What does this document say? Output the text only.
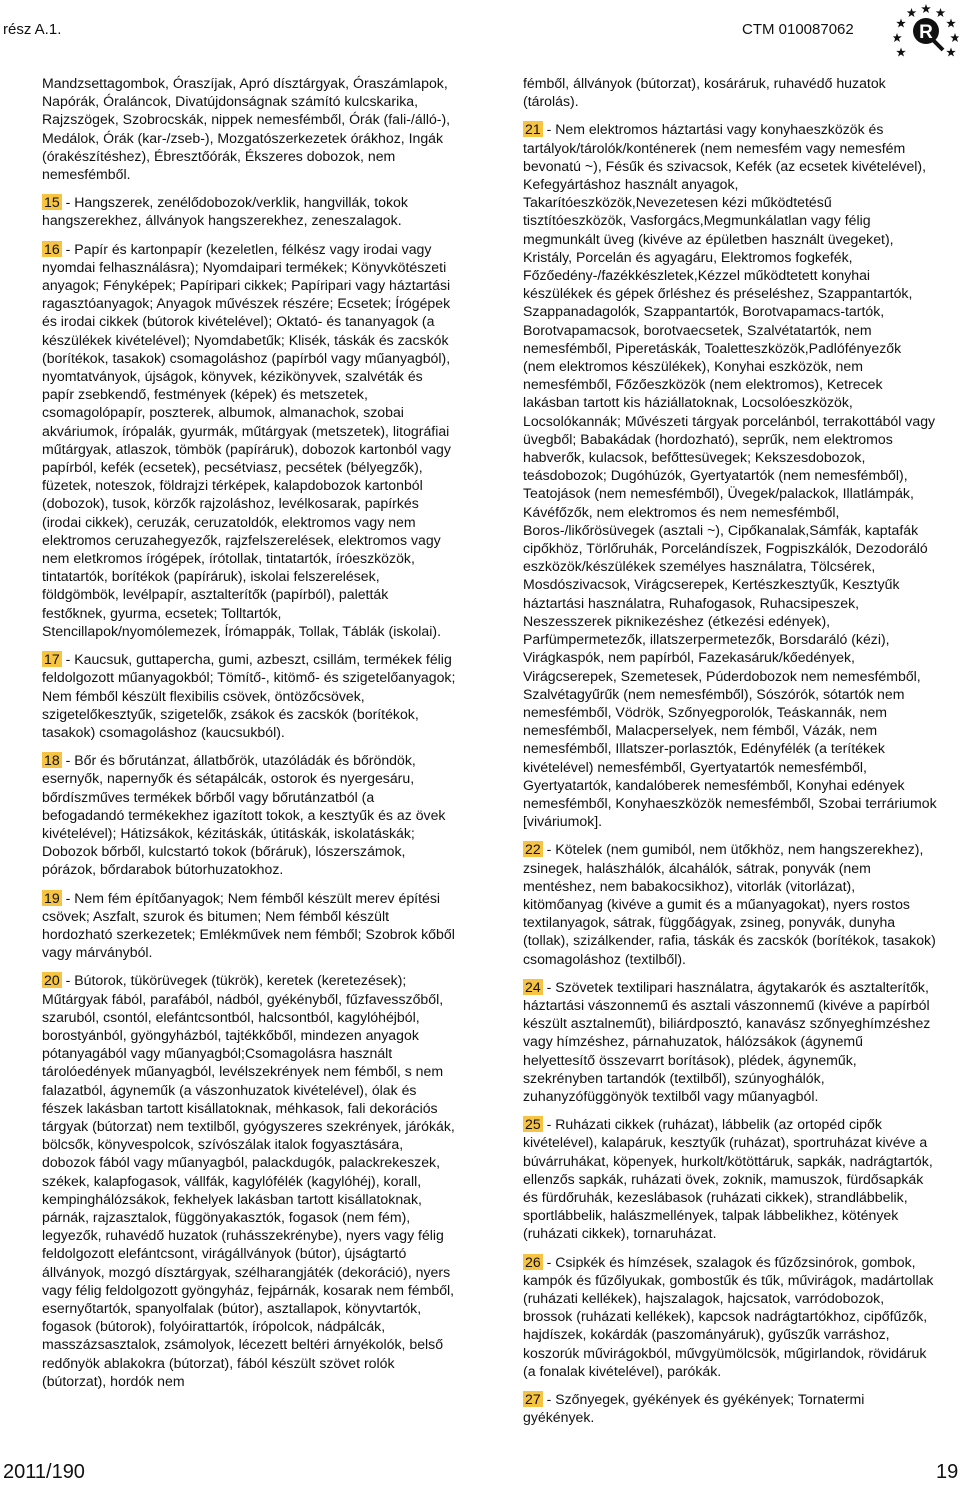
rész A.1.	CTM 010087062	R

Mandzsettagombok, Óraszíjak, Apró dísztárgyak, Óraszámlapok, Napórák, Óraláncok, Divatújdonságnak számító kulcskarika, Rajzszögek, Szobrocskák, nippek nemesfémből, Órák (fali-/álló-), Medálok, Órák (kar-/zseb-), Mozgatószerkezetek órákhoz, Ingák (órakészítéshez), Ébresztőórák, Ékszeres dobozok, nem nemesfémből.

15 - Hangszerek, zenélődobozok/verklik, hangvillák, tokok hangszerekhez, állványok hangszerekhez, zeneszalagok.

16 - Papír és kartonpapír (kezeletlen, félkész vagy irodai vagy nyomdai felhasználásra); Nyomdaipari termékek; Könyvkötészeti anyagok; Fényképek; Papíripari cikkek; Papíripari vagy háztartási ragasztóanyagok; Anyagok művészek részére; Ecsetek; Írógépek és irodai cikkek (bútorok kivételével); Oktató- és tananyagok (a készülékek kivételével); Nyomdabetűk; Klisék, táskák és zacskók (borítékok, tasakok) csomagoláshoz (papírból vagy műanyagból), nyomtatványok, újságok, könyvek, kézikönyvek, szalvéták és papír zsebkendő, festmények (képek) és metszetek, csomagolópapír, poszterek, albumok, almanachok, szobai akváriumok, írópalák, gyurmák, műtárgyak (metszetek), litográfiai műtárgyak, atlaszok, tömbök (papíráruk), dobozok kartonból vagy papírból, kefék (ecsetek), pecsétviasz, pecsétek (bélyegzők), füzetek, noteszok, földrajzi térképek, kalapdobozok kartonból (dobozok), tusok, körzők rajzoláshoz, levélkosarak, papírkés (irodai cikkek), ceruzák, ceruzatoldók, elektromos vagy nem elektromos ceruzahegyezők, rajzfelszerelések, elektromos vagy nem eletkromos írógépek, írótollak, tintatartók, íróeszközök, tintatartók, borítékok (papíráruk), iskolai felszerelések, földgömbök, levélpapír, asztalterítők (papírból), paletták festőknek, gyurma, ecsetek; Tolltartók, Stencillapok/nyomólemezek, Írómappák, Tollak, Táblák (iskolai).

17 - Kaucsuk, guttapercha, gumi, azbeszt, csillám, termékek félig feldolgozott műanyagokból; Tömítő-, kitömő- és szigetelőanyagok; Nem fémből készült flexibilis csövek, öntözőcsövek, szigetelőkesztyűk, szigetelők, zsákok és zacskók (borítékok, tasakok) csomagoláshoz (kaucsukból).

18 - Bőr és bőrutánzat, állatbőrök, utazóládák és bőröndök, esernyők, napernyők és sétapálcák, ostorok és nyergesáru, bőrdíszműves termékek bőrből vagy bőrutánzatból (a befogadandó termékekhez igazított tokok, a kesztyűk és az övek kivételével); Hátizsákok, kézitáskák, útitáskák, iskolatáskák; Dobozok bőrből, kulcstartó tokok (bőráruk), lószerszámok, pórázok, bőrdarabok bútorhuzatokhoz.

19 - Nem fém építőanyagok; Nem fémből készült merev építési csövek; Aszfalt, szurok és bitumen; Nem fémből készült hordozható szerkezetek; Emlékművek nem fémből; Szobrok kőből vagy márványból.

20 - Bútorok, tükörüvegek (tükrök), keretek (keretezések); Műtárgyak fából, parafából, nádból, gyékényből, fűzfavesszőből, szaruból, csontól, elefántcsontból, halcsontból, kagylóhéjból, borostyánból, gyöngyházból, tajtékkőből, mindezen anyagok pótanyagából vagy műanyagból;Csomagolásra használt tárolóedények műanyagból, levélszekrények nem fémből, s nem falazatból, ágyneműk (a vászonhuzatok kivételével), ólak és fészek lakásban tartott kisállatoknak, méhkasok, fali dekorációs tárgyak (bútorzat) nem textilből, gyógyszeres szekrények, járókák, bölcsők, könyvespolcok, szívószálak italok fogyasztására, dobozok fából vagy műanyagból, palackdugók, palackrekeszek, székek, kalapfogasok, vállfák, kagylófélék (kagylóhéj), korall, kempinghálózsákok, fekhelyek lakásban tartott kisállatoknak, párnák, rajzasztalok, függönyakasztók, fogasok (nem fém), legyezők, ruhavédő huzatok (ruhásszekrénybe), nyers vagy félig feldolgozott elefántcsont, virágállványok (bútor), újságtartó állványok, mozgó dísztárgyak, szélharangjáték (dekoráció), nyers vagy félig feldolgozott gyöngyház, fejpárnák, kosarak nem fémből, esernyőtartók, spanyolfalak (bútor), asztallapok, könyvtartók, fogasok (bútorok), folyóirattartók, írópolcok, nádpálcák, masszázsasztalok, zsámolyok, lécezett beltéri árnyékolók, belső redőnyök ablakokra (bútorzat), fából készült szövet rolók (bútorzat), hordók nem

fémből, állványok (bútorzat), kosáráruk, ruhavédő huzatok (tárolás).

21 - Nem elektromos háztartási vagy konyhaeszközök és tartályok/tárolók/konténerek (nem nemesfém vagy nemesfém bevonatú ~), Fésűk és szivacsok, Kefék (az ecsetek kivételével), Kefegyártáshoz használt anyagok, Takarítóeszközök,Nevezetesen kézi működtetésű tisztítóeszközök, Vasforgács,Megmunkálatlan vagy félig megmunkált üveg (kivéve az épületben használt üvegeket), Kristály, Porcelán és agyagáru, Elektromos fogkefék, Főzőedény-/fazékkészletek,Kézzel működtetett konyhai készülékek és gépek őrléshez és préseléshez, Szappantartók, Szappanadagolók, Szappantartók, Borotvapamacs-tartók, Borotvapamacsok, borotvaecsetek, Szalvétatartók, nem nemesfémből, Piperetáskák, Toaletteszközök,Padlófényezők (nem elektromos készülékek), Konyhai eszközök, nem nemesfémből, Főzőeszközök (nem elektromos), Ketrecek lakásban tartott kis háziállatoknak, Locsolóeszközök, Locsolókannák; Művészeti tárgyak porcelánból, terrakottából vagy üvegből; Babakádak (hordozható), seprűk, nem elektromos habverők, kulacsok, befőttesüvegek; Kekszesdobozok, teásdobozok; Dugóhúzók, Gyertyatartók (nem nemesfémből), Teatojások (nem nemesfémből), Üvegek/palackok, Illatlámpák, Kávéfőzők, nem elektromos és nem nemesfémből, Boros-/likőrösüvegek (asztali ~), Cipőkanalak,Sámfák, kaptafák cipőkhöz, Törlőruhák, Porcelándíszek, Fogpiszkálók, Dezodoráló eszközök/készülékek személyes használatra, Tölcsérek, Mosdószivacsok, Virágcserepek, Kertészkesztyűk, Kesztyűk háztartási használatra, Ruhafogasok, Ruhacsipeszek, Neszesszerek piknikezéshez (étkezési edények), Parfümpermetezők, illatszerpermetezők, Borsdaráló (kézi), Virágkaspók, nem papírból, Fazekasáruk/kőedények, Virágcserepek, Szemetesek, Púderdobozok nem nemesfémből, Szalvétagyűrűk (nem nemesfémből), Sószórók, sótartók nem nemesfémből, Vödrök, Szőnyegporolók, Teáskannák, nem nemesfémből, Malacperselyek, nem fémből, Vázák, nem nemesfémből, Illatszer-porlasztók, Edényfélék (a terítékek kivételével) nemesfémből, Gyertyatartók nemesfémből, Gyertyatartók, kandalóberek nemesfémből, Konyhai edények nemesfémből, Konyhaeszközök nemesfémből, Szobai terráriumok [viváriumok].

22 - Kötelek (nem gumiból, nem ütőkhöz, nem hangszerekhez), zsinegek, halászhálók, álcahálók, sátrak, ponyvák (nem mentéshez, nem babakocsikhoz), vitorlák (vitorlázat), kitömőanyag (kivéve a gumit és a műanyagokat), nyers rostos textilanyagok, sátrak, függőágyak, zsineg, ponyvák, dunyha (tollak), szizálkender, rafia, táskák és zacskók (borítékok, tasakok) csomagoláshoz (textilből).

24 - Szövetek textilipari használatra, ágytakarók és asztalterítők, háztartási vászonnemű és asztali vászonnemű (kivéve a papírból készült asztalneműt), biliárdposztó, kanavász szőnyeghímzéshez vagy hímzéshez, párnahuzatok, hálózsákok (ágynemű helyettesítő összevarrt borítások), plédek, ágyneműk, szekrényben tartandók (textilből), szúnyoghálók, zuhanyzófüggönyök textilből vagy műanyagból.

25 - Ruházati cikkek (ruházat), lábbelik (az ortopéd cipők kivételével), kalapáruk, kesztyűk (ruházat), sportruházat kivéve a búvárruhákat, köpenyek, hurkolt/kötöttáruk, sapkák, nadrágtartók, ellenzős sapkák, ruházati övek, zoknik, mamuszok, fürdősapkák és fürdőruhák, kezeslábasok (ruházati cikkek), strandlábbelik, sportlábbelik, halászmellények, talpak lábbelikhez, kötények (ruházati cikkek), tornaruházat.

26 - Csipkék és hímzések, szalagok és fűzőzsinórok, gombok, kampók és fűzőlyukak, gombostűk és tűk, művirágok, madártollak (ruházati kellékek), hajszalagok, hajcsatok, varródobozok, brossok (ruházati kellékek), kapcsok nadrágtartókhoz, cipőfűzők, hajdíszek, kokárdák (paszományáruk), gyűszűk varráshoz, koszorúk művirágokból, művgyümölcsök, műgirlandok, rövidáruk (a fonalak kivételével), parókák.

27 - Szőnyegek, gyékények és gyékények; Tornatermi gyékények.

2011/190	19
